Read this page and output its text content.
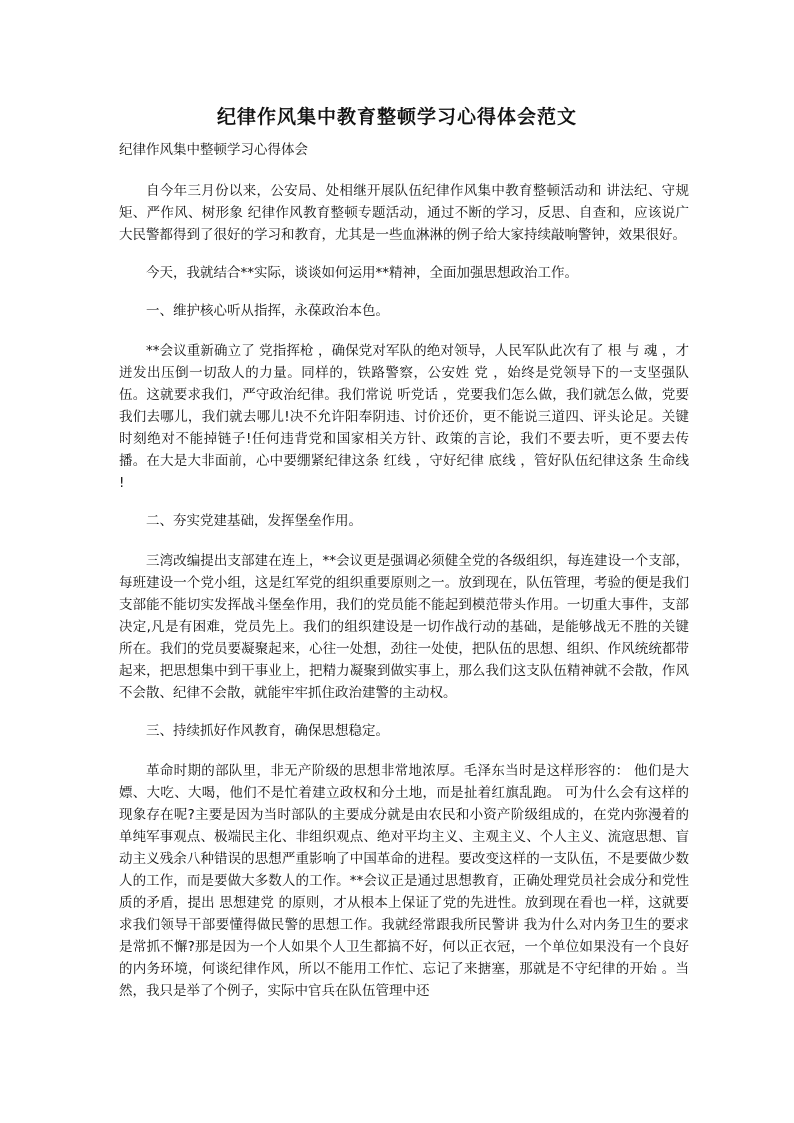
纪律作风集中教育整顿学习心得体会范文

纪律作风集中整顿学习心得体会

自今年三月份以来，公安局、处相继开展队伍纪律作风集中教育整顿活动和 讲法纪、守规矩、严作风、树形象 纪律作风教育整顿专题活动，通过不断的学习，反思、自查和，应该说广大民警都得到了很好的学习和教育，尤其是一些血淋淋的例子给大家持续敲响警钟，效果很好。

今天，我就结合**实际，谈谈如何运用**精神，全面加强思想政治工作。

一、维护核心听从指挥，永葆政治本色。

**会议重新确立了 党指挥枪 ，确保党对军队的绝对领导，人民军队此次有了 根 与 魂 ，才迸发出压倒一切敌人的力量。同样的，铁路警察，公安姓 党 ，始终是党领导下的一支坚强队伍。这就要求我们，严守政治纪律。我们常说 听党话 ，党要我们怎么做，我们就怎么做，党要我们去哪儿，我们就去哪儿!决不允许阳奉阴违、讨价还价，更不能说三道四、评头论足。关键时刻绝对不能掉链子!任何违背党和国家相关方针、政策的言论，我们不要去听，更不要去传播。在大是大非面前，心中要绷紧纪律这条 红线 ，守好纪律 底线 ，管好队伍纪律这条 生命线 !

二、夯实党建基础，发挥堡垒作用。

三湾改编提出支部建在连上，**会议更是强调必须健全党的各级组织，每连建设一个支部，每班建设一个党小组，这是红军党的组织重要原则之一。放到现在，队伍管理，考验的便是我们支部能不能切实发挥战斗堡垒作用，我们的党员能不能起到模范带头作用。一切重大事件，支部决定,凡是有困难，党员先上。我们的组织建设是一切作战行动的基础，是能够战无不胜的关键所在。我们的党员要凝聚起来，心往一处想，劲往一处使，把队伍的思想、组织、作风统统都带起来，把思想集中到干事业上，把精力凝聚到做实事上，那么我们这支队伍精神就不会散，作风不会散、纪律不会散，就能牢牢抓住政治建警的主动权。

三、持续抓好作风教育，确保思想稳定。

革命时期的部队里，非无产阶级的思想非常地浓厚。毛泽东当时是这样形容的： 他们是大嫖、大吃、大喝，他们不是忙着建立政权和分土地，而是扯着红旗乱跑。 可为什么会有这样的现象存在呢?主要是因为当时部队的主要成分就是由农民和小资产阶级组成的，在党内弥漫着的单纯军事观点、极端民主化、非组织观点、绝对平均主义、主观主义、个人主义、流寇思想、盲动主义残余八种错误的思想严重影响了中国革命的进程。要改变这样的一支队伍，不是要做少数人的工作，而是要做大多数人的工作。**会议正是通过思想教育，正确处理党员社会成分和党性质的矛盾，提出 思想建党 的原则，才从根本上保证了党的先进性。放到现在看也一样，这就要求我们领导干部要懂得做民警的思想工作。我就经常跟我所民警讲 我为什么对内务卫生的要求是常抓不懈?那是因为一个人如果个人卫生都搞不好，何以正衣冠，一个单位如果没有一个良好的内务环境，何谈纪律作风，所以不能用工作忙、忘记了来搪塞，那就是不守纪律的开始 。当然，我只是举了个例子，实际中官兵在队伍管理中还
